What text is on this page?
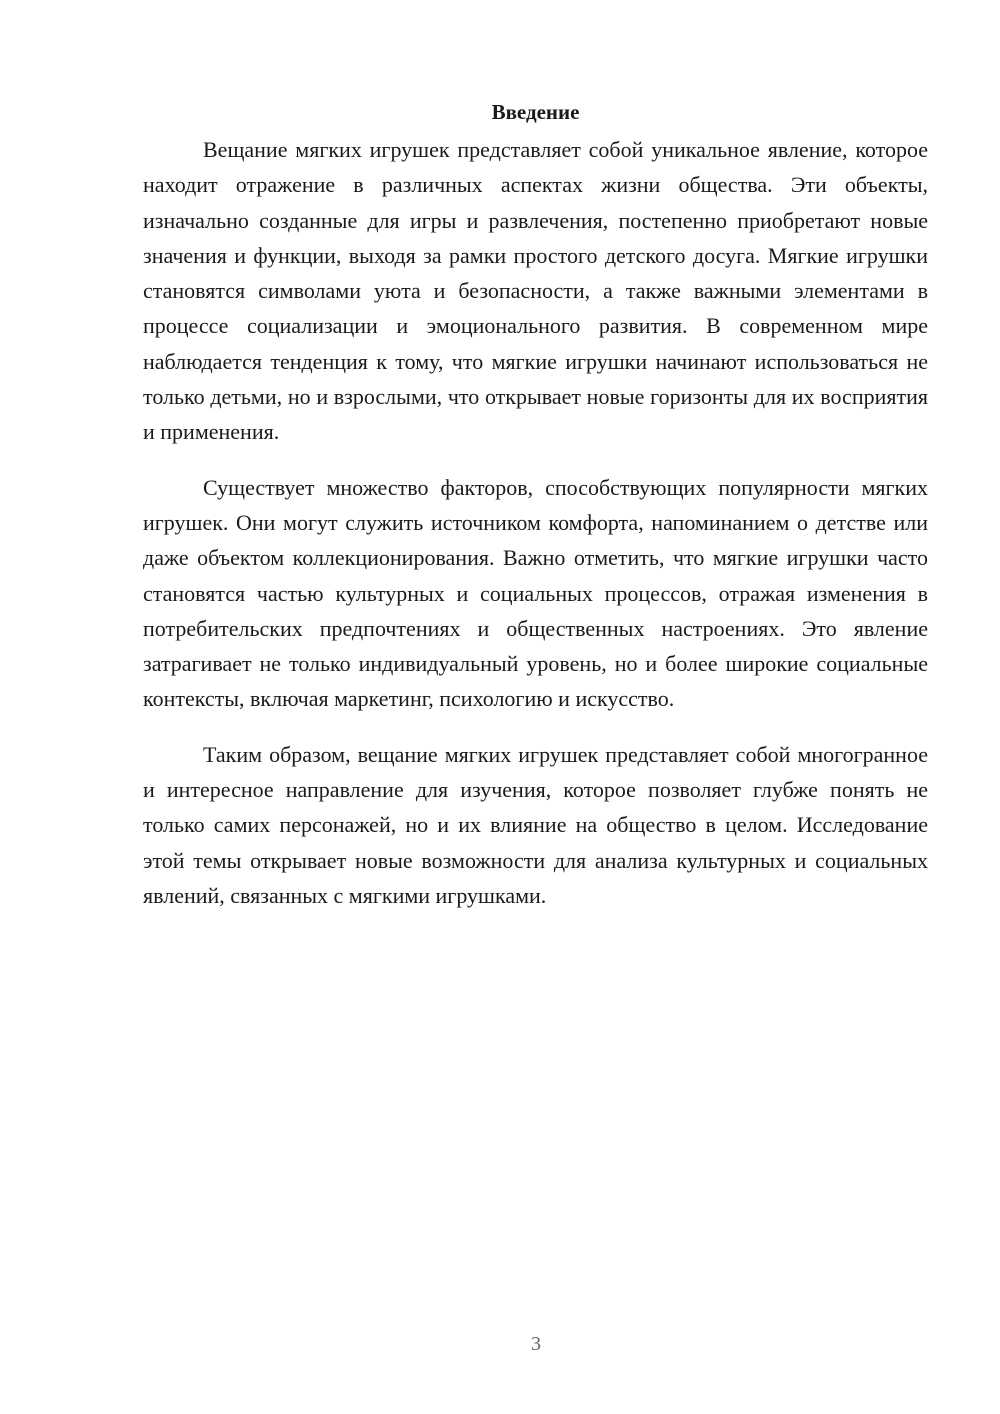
Введение

Вещание мягких игрушек представляет собой уникальное явление, которое находит отражение в различных аспектах жизни общества. Эти объекты, изначально созданные для игры и развлечения, постепенно приобретают новые значения и функции, выходя за рамки простого детского досуга. Мягкие игрушки становятся символами уюта и безопасности, а также важными элементами в процессе социализации и эмоционального развития. В современном мире наблюдается тенденция к тому, что мягкие игрушки начинают использоваться не только детьми, но и взрослыми, что открывает новые горизонты для их восприятия и применения.

Существует множество факторов, способствующих популярности мягких игрушек. Они могут служить источником комфорта, напоминанием о детстве или даже объектом коллекционирования. Важно отметить, что мягкие игрушки часто становятся частью культурных и социальных процессов, отражая изменения в потребительских предпочтениях и общественных настроениях. Это явление затрагивает не только индивидуальный уровень, но и более широкие социальные контексты, включая маркетинг, психологию и искусство.

Таким образом, вещание мягких игрушек представляет собой многогранное и интересное направление для изучения, которое позволяет глубже понять не только самих персонажей, но и их влияние на общество в целом. Исследование этой темы открывает новые возможности для анализа культурных и социальных явлений, связанных с мягкими игрушками.

3
